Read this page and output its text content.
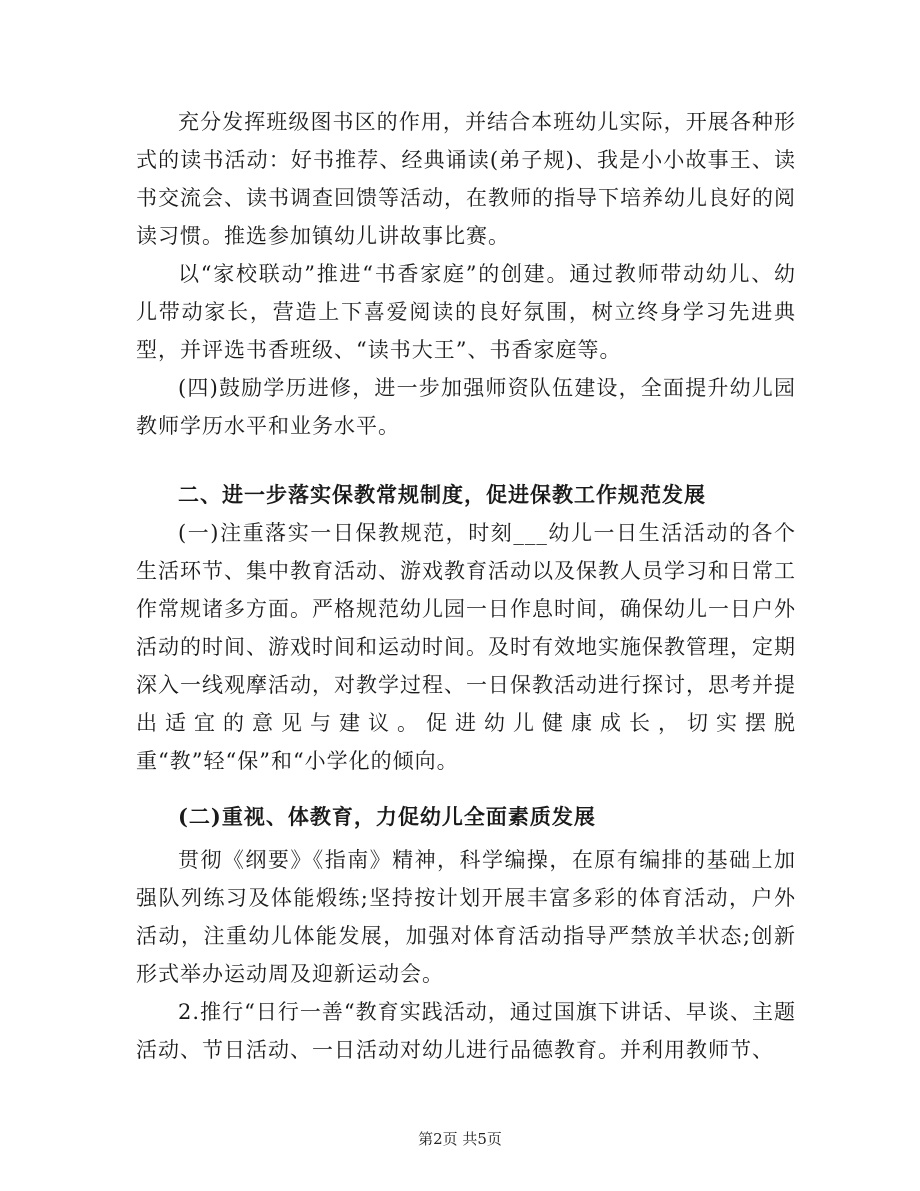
充分发挥班级图书区的作用，并结合本班幼儿实际，开展各种形式的读书活动：好书推荐、经典诵读(弟子规)、我是小小故事王、读书交流会、读书调查回馈等活动，在教师的指导下培养幼儿良好的阅读习惯。推选参加镇幼儿讲故事比赛。

以“家校联动”推进“书香家庭”的创建。通过教师带动幼儿、幼儿带动家长，营造上下喜爱阅读的良好氛围，树立终身学习先进典型，并评选书香班级、“读书大王”、书香家庭等。

(四)鼓励学历进修，进一步加强师资队伍建设，全面提升幼儿园教师学历水平和业务水平。

二、进一步落实保教常规制度，促进保教工作规范发展

(一)注重落实一日保教规范，时刻___幼儿一日生活活动的各个生活环节、集中教育活动、游戏教育活动以及保教人员学习和日常工作常规诸多方面。严格规范幼儿园一日作息时间，确保幼儿一日户外活动的时间、游戏时间和运动时间。及时有效地实施保教管理，定期深入一线观摩活动，对教学过程、一日保教活动进行探讨，思考并提出适宜的意见与建议。促进幼儿健康成长，切实摆脱重“教”轻“保”和“小学化的倾向。

(二)重视、体教育，力促幼儿全面素质发展

贯彻《纲要》《指南》精神，科学编操，在原有编排的基础上加强队列练习及体能煅练;坚持按计划开展丰富多彩的体育活动，户外活动，注重幼儿体能发展，加强对体育活动指导严禁放羊状态;创新形式举办运动周及迎新运动会。

2.推行“日行一善“教育实践活动，通过国旗下讲话、早谈、主题活动、节日活动、一日活动对幼儿进行品德教育。并利用教师节、

第2页 共5页
